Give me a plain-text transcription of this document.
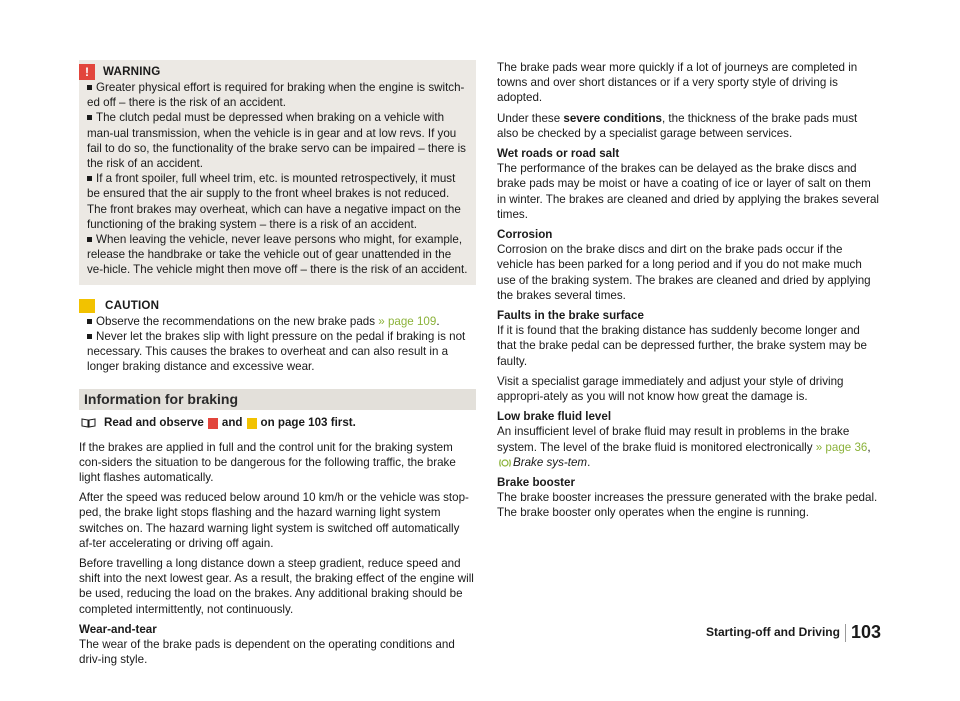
!
WARNING

Greater physical effort is required for braking when the engine is switch-ed off – there is the risk of an accident.

The clutch pedal must be depressed when braking on a vehicle with man-ual transmission, when the vehicle is in gear and at low revs. If you fail to do so, the functionality of the brake servo can be impaired – there is the risk of an accident.

If a front spoiler, full wheel trim, etc. is mounted retrospectively, it must be ensured that the air supply to the front wheel brakes is not reduced. The front brakes may overheat, which can have a negative impact on the functioning of the braking system – there is a risk of an accident.

When leaving the vehicle, never leave persons who might, for example, release the handbrake or take the vehicle out of gear unattended in the ve-hicle. The vehicle might then move off – there is the risk of an accident.

CAUTION

Observe the recommendations on the new brake pads » page 109.

Never let the brakes slip with light pressure on the pedal if braking is not necessary. This causes the brakes to overheat and can also result in a longer braking distance and excessive wear.

Information for braking
Read and observe and on page 103 first.

If the brakes are applied in full and the control unit for the braking system con-siders the situation to be dangerous for the following traffic, the brake light flashes automatically.

After the speed was reduced below around 10 km/h or the vehicle was stop-ped, the brake light stops flashing and the hazard warning light system switches on. The hazard warning light system is switched off automatically af-ter accelerating or driving off again.

Before travelling a long distance down a steep gradient, reduce speed and shift into the next lowest gear. As a result, the braking effect of the engine will be used, reducing the load on the brakes. Any additional braking should be completed intermittently, not continuously.

Wear-and-tear
The wear of the brake pads is dependent on the operating conditions and driv-ing style.

The brake pads wear more quickly if a lot of journeys are completed in towns and over short distances or if a very sporty style of driving is adopted.

Under these severe conditions, the thickness of the brake pads must also be checked by a specialist garage between services.

Wet roads or road salt
The performance of the brakes can be delayed as the brake discs and brake pads may be moist or have a coating of ice or layer of salt on them in winter. The brakes are cleaned and dried by applying the brakes several times.

Corrosion
Corrosion on the brake discs and dirt on the brake pads occur if the vehicle has been parked for a long period and if you do not make much use of the braking system. The brakes are cleaned and dried by applying the brakes several times.

Faults in the brake surface
If it is found that the braking distance has suddenly become longer and that the brake pedal can be depressed further, the brake system may be faulty.

Visit a specialist garage immediately and adjust your style of driving appropri-ately as you will not know how great the damage is.

Low brake fluid level
An insufficient level of brake fluid may result in problems in the brake system. The level of the brake fluid is monitored electronically » page 36, Brake sys-tem.

Brake booster
The brake booster increases the pressure generated with the brake pedal. The brake booster only operates when the engine is running.

Starting-off and Driving 103
